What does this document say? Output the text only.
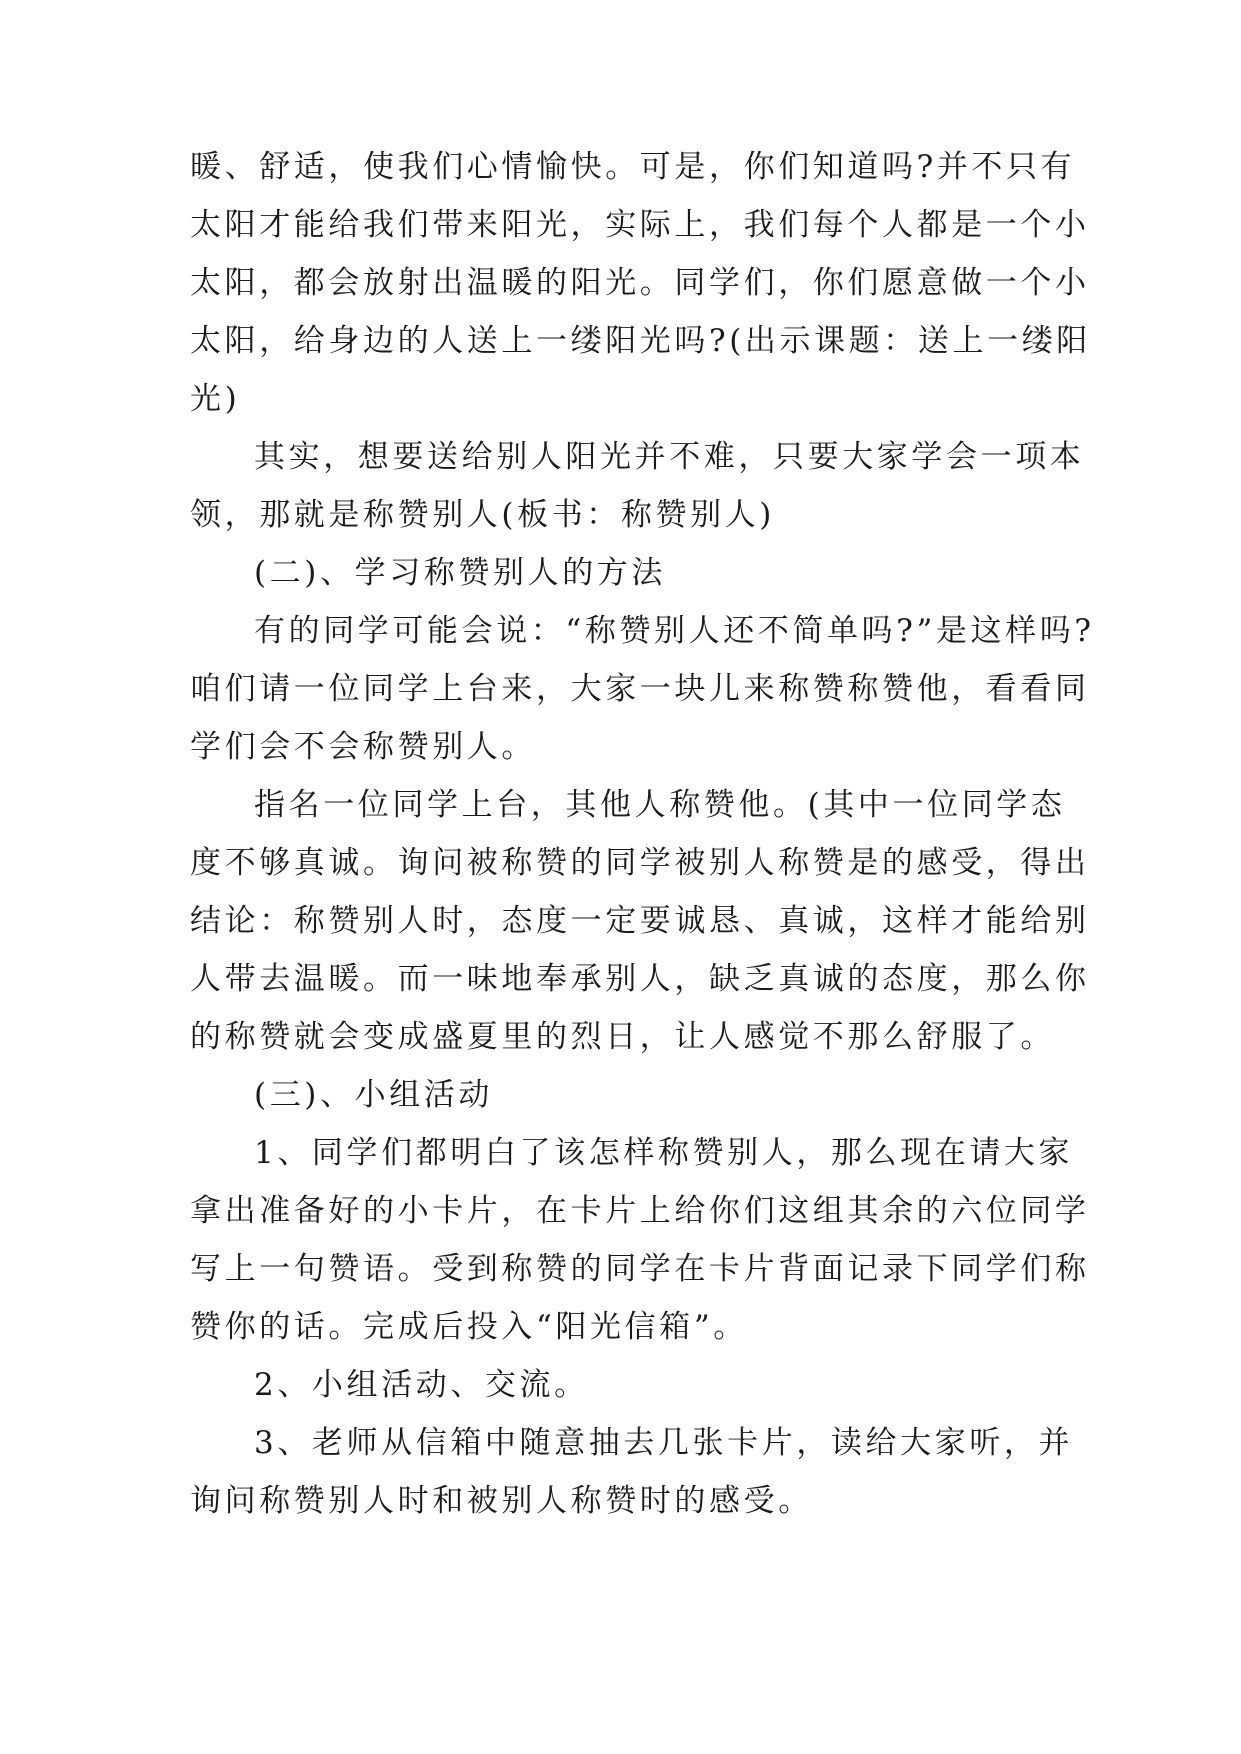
暖、舒适，使我们心情愉快。可是，你们知道吗?并不只有
太阳才能给我们带来阳光，实际上，我们每个人都是一个小
太阳，都会放射出温暖的阳光。同学们，你们愿意做一个小
太阳，给身边的人送上一缕阳光吗?(出示课题：送上一缕阳
光)
其实，想要送给别人阳光并不难，只要大家学会一项本
领，那就是称赞别人(板书：称赞别人)
(二)、学习称赞别人的方法
有的同学可能会说：“称赞别人还不简单吗?”是这样吗?
咱们请一位同学上台来，大家一块儿来称赞称赞他，看看同
学们会不会称赞别人。
指名一位同学上台，其他人称赞他。(其中一位同学态
度不够真诚。询问被称赞的同学被别人称赞是的感受，得出
结论：称赞别人时，态度一定要诚恳、真诚，这样才能给别
人带去温暖。而一味地奉承别人，缺乏真诚的态度，那么你
的称赞就会变成盛夏里的烈日，让人感觉不那么舒服了。
(三)、小组活动
1、同学们都明白了该怎样称赞别人，那么现在请大家
拿出准备好的小卡片，在卡片上给你们这组其余的六位同学
写上一句赞语。受到称赞的同学在卡片背面记录下同学们称
赞你的话。完成后投入“阳光信箱”。
2、小组活动、交流。
3、老师从信箱中随意抽去几张卡片，读给大家听，并
询问称赞别人时和被别人称赞时的感受。
